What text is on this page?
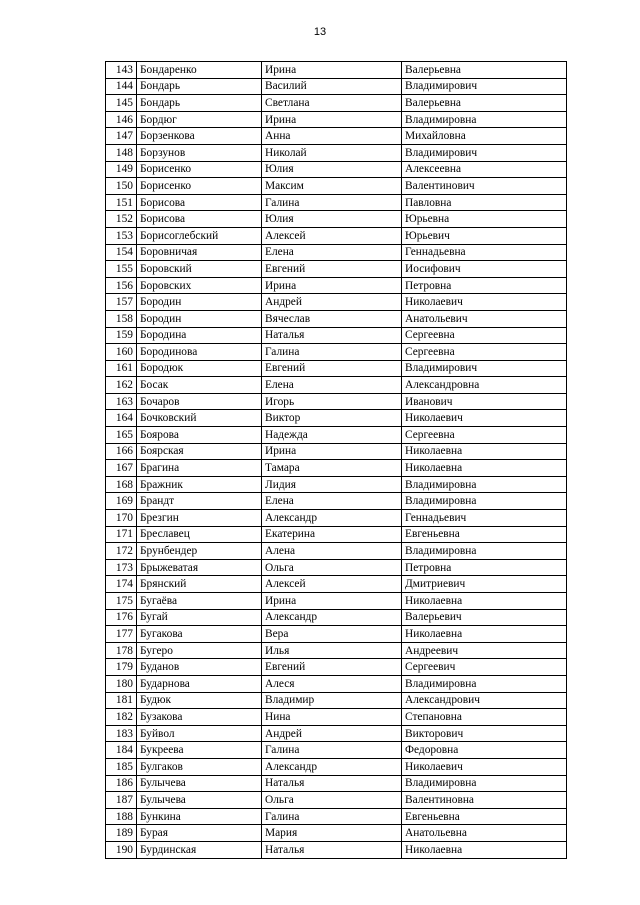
13
143	Бондаренко	Ирина	Валерьевна
144	Бондарь	Василий	Владимирович
145	Бондарь	Светлана	Валерьевна
146	Бордюг	Ирина	Владимировна
147	Борзенкова	Анна	Михайловна
148	Борзунов	Николай	Владимирович
149	Борисенко	Юлия	Алексеевна
150	Борисенко	Максим	Валентинович
151	Борисова	Галина	Павловна
152	Борисова	Юлия	Юрьевна
153	Борисоглебский	Алексей	Юрьевич
154	Боровничая	Елена	Геннадьевна
155	Боровский	Евгений	Иосифович
156	Боровских	Ирина	Петровна
157	Бородин	Андрей	Николаевич
158	Бородин	Вячеслав	Анатольевич
159	Бородина	Наталья	Сергеевна
160	Бородинова	Галина	Сергеевна
161	Бородюк	Евгений	Владимирович
162	Босак	Елена	Александровна
163	Бочаров	Игорь	Иванович
164	Бочковский	Виктор	Николаевич
165	Боярова	Надежда	Сергеевна
166	Боярская	Ирина	Николаевна
167	Брагина	Тамара	Николаевна
168	Бражник	Лидия	Владимировна
169	Брандт	Елена	Владимировна
170	Брезгин	Александр	Геннадьевич
171	Бреславец	Екатерина	Евгеньевна
172	Брунбендер	Алена	Владимировна
173	Брыжеватая	Ольга	Петровна
174	Брянский	Алексей	Дмитриевич
175	Бугаёва	Ирина	Николаевна
176	Бугай	Александр	Валерьевич
177	Бугакова	Вера	Николаевна
178	Бугеро	Илья	Андреевич
179	Буданов	Евгений	Сергеевич
180	Бударнова	Алеся	Владимировна
181	Будюк	Владимир	Александрович
182	Бузакова	Нина	Степановна
183	Буйвол	Андрей	Викторович
184	Букреева	Галина	Федоровна
185	Булгаков	Александр	Николаевич
186	Булычева	Наталья	Владимировна
187	Булычева	Ольга	Валентиновна
188	Бункина	Галина	Евгеньевна
189	Бурая	Мария	Анатольевна
190	Бурдинская	Наталья	Николаевна
